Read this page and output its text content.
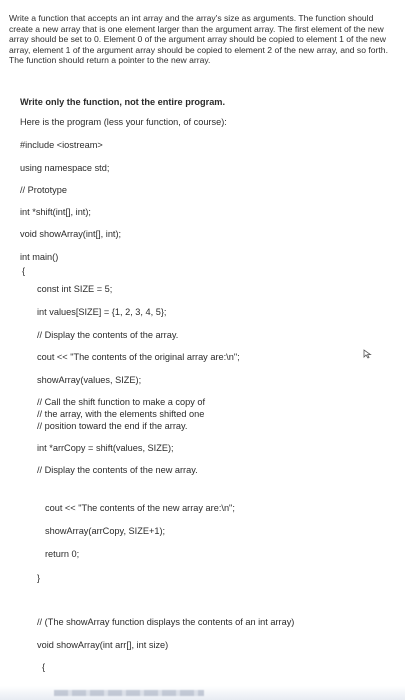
Write a function that accepts an int array and the array's size as arguments. The function should create a new array that is one element larger than the argument array. The first element of the new array should be set to 0. Element 0 of the argument array should be copied to element 1 of the new array, element 1 of the argument array should be copied to element 2 of the new array, and so forth. The function should return a pointer to the new array.
Write only the function, not the entire program.
Here is the program (less your function, of course):
#include <iostream>
using namespace std;
// Prototype
int *shift(int[], int);
void showArray(int[], int);
int main()
{
const int SIZE = 5;
int values[SIZE] = {1, 2, 3, 4, 5};
// Display the contents of the array.
cout << "The contents of the original array are:\n";
showArray(values, SIZE);
// Call the shift function to make a copy of
// the array, with the elements shifted one
// position toward the end if the array.
int *arrCopy = shift(values, SIZE);
// Display the contents of the new array.
cout << "The contents of the new array are:\n";
showArray(arrCopy, SIZE+1);
return 0;
}
// (The showArray function displays the contents of an int array)
void showArray(int arr[], int size)
{
